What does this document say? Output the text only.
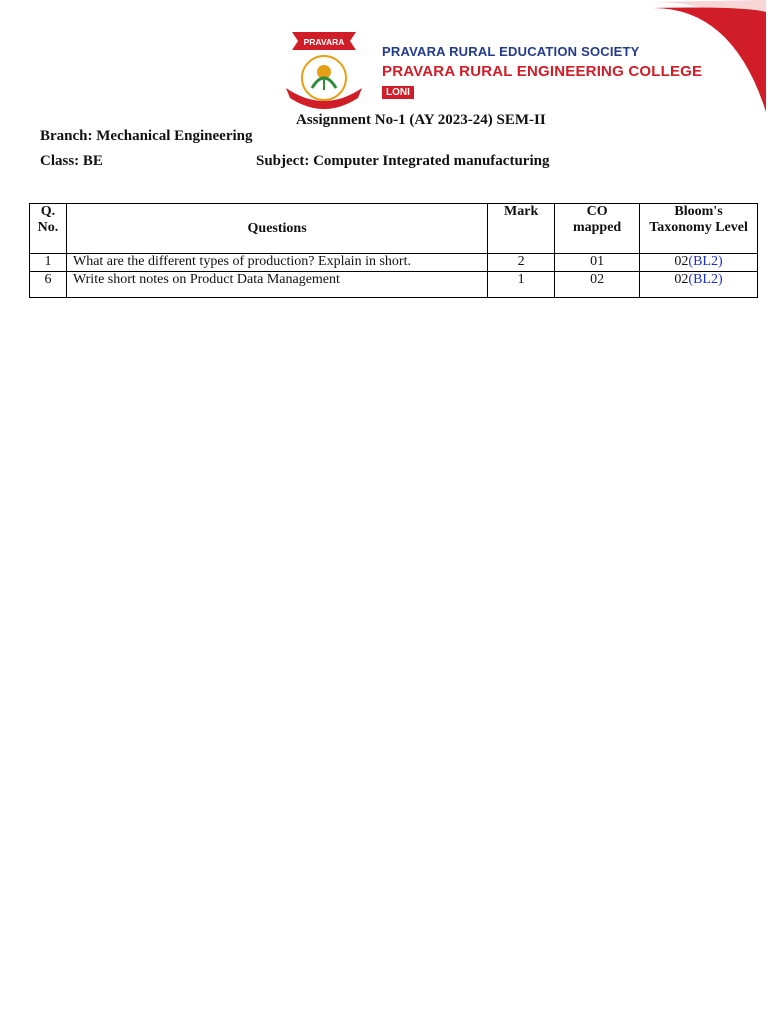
PRAVARA
PRAVARA RURAL EDUCATION SOCIETY
PRAVARA RURAL ENGINEERING COLLEGE
LONI
Assignment No-1 (AY 2023-24) SEM-II
Branch: Mechanical Engineering
Class: BE	Subject: Computer Integrated manufacturing
Q. No.	Questions	Mark	CO mapped	Bloom's Taxonomy Level
1	What are the different types of production? Explain in short.	2	01	02(BL2)
6	Write short notes on Product Data Management	1	02	02(BL2)
